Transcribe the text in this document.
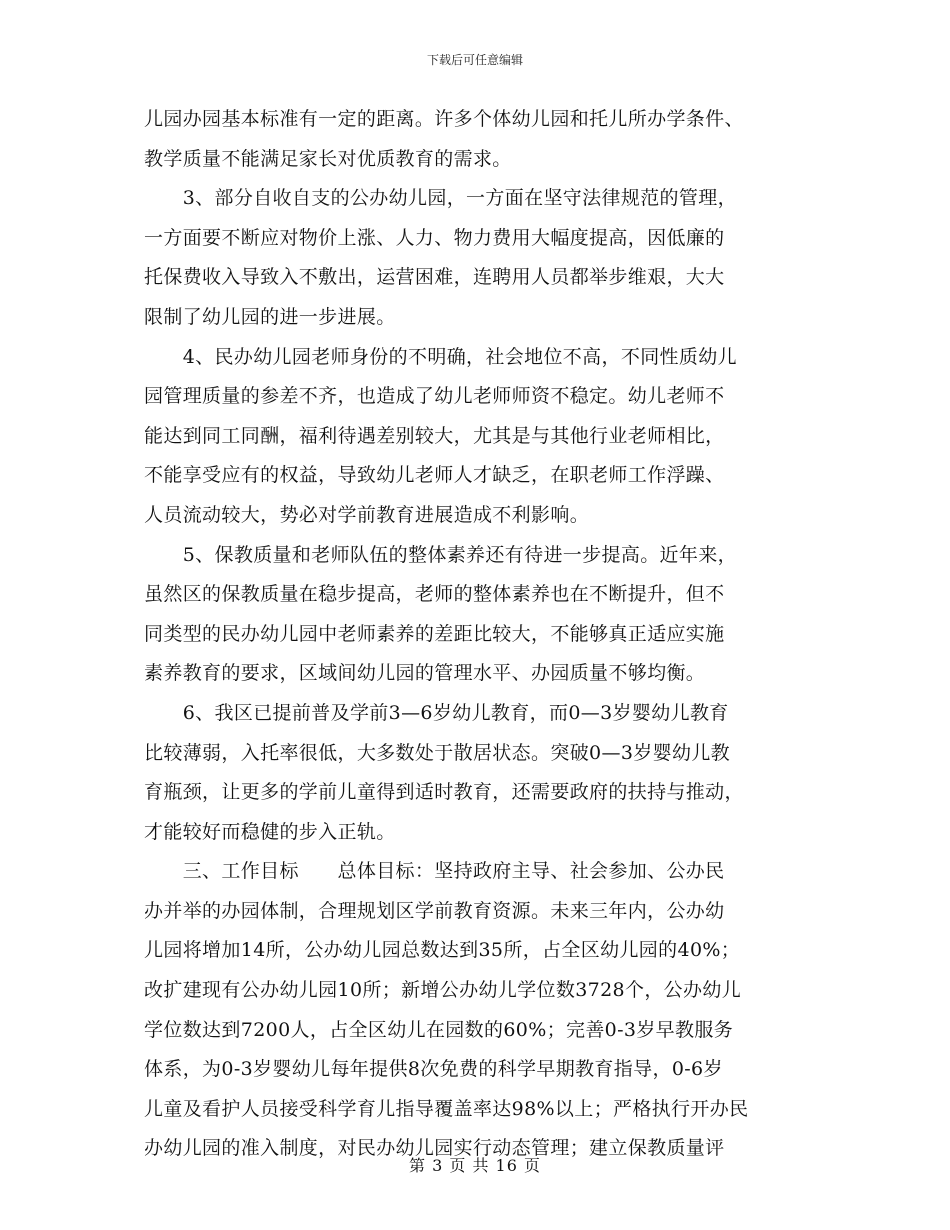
下载后可任意编辑
儿园办园基本标准有一定的距离。许多个体幼儿园和托儿所办学条件、
教学质量不能满足家长对优质教育的需求。
　　3、部分自收自支的公办幼儿园，一方面在坚守法律规范的管理，
一方面要不断应对物价上涨、人力、物力费用大幅度提高，因低廉的
托保费收入导致入不敷出，运营困难，连聘用人员都举步维艰，大大
限制了幼儿园的进一步进展。
　　4、民办幼儿园老师身份的不明确，社会地位不高，不同性质幼儿
园管理质量的参差不齐，也造成了幼儿老师师资不稳定。幼儿老师不
能达到同工同酬，福利待遇差别较大，尤其是与其他行业老师相比，
不能享受应有的权益，导致幼儿老师人才缺乏，在职老师工作浮躁、
人员流动较大，势必对学前教育进展造成不利影响。
　　5、保教质量和老师队伍的整体素养还有待进一步提高。近年来，
虽然区的保教质量在稳步提高，老师的整体素养也在不断提升，但不
同类型的民办幼儿园中老师素养的差距比较大，不能够真正适应实施
素养教育的要求，区域间幼儿园的管理水平、办园质量不够均衡。
　　6、我区已提前普及学前3—6岁幼儿教育，而0—3岁婴幼儿教育
比较薄弱，入托率很低，大多数处于散居状态。突破0—3岁婴幼儿教
育瓶颈，让更多的学前儿童得到适时教育，还需要政府的扶持与推动，
才能较好而稳健的步入正轨。
　　三、工作目标　　总体目标：坚持政府主导、社会参加、公办民
办并举的办园体制，合理规划区学前教育资源。未来三年内，公办幼
儿园将增加14所，公办幼儿园总数达到35所，占全区幼儿园的40%；
改扩建现有公办幼儿园10所；新增公办幼儿学位数3728个，公办幼儿
学位数达到7200人，占全区幼儿在园数的60%；完善0-3岁早教服务
体系，为0-3岁婴幼儿每年提供8次免费的科学早期教育指导，0-6岁
儿童及看护人员接受科学育儿指导覆盖率达98%以上；严格执行开办民
办幼儿园的准入制度，对民办幼儿园实行动态管理；建立保教质量评
第 3 页 共 16 页
